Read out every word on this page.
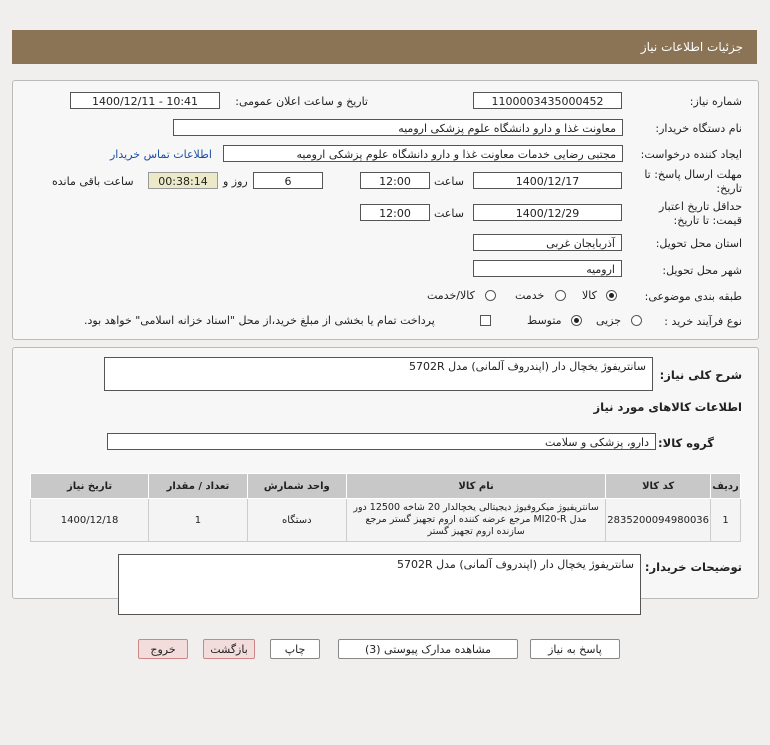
جزئیات اطلاعات نیاز
شماره نیاز:
1100003435000452
تاریخ و ساعت اعلان عمومی:
1400/12/11 - 10:41
نام دستگاه خریدار:
معاونت غذا و دارو دانشگاه علوم پزشکی ارومیه
ایجاد کننده درخواست:
مجتبی رضایی خدمات معاونت غذا و دارو دانشگاه علوم پزشکی ارومیه
اطلاعات تماس خریدار
مهلت ارسال پاسخ: تا تاریخ:
1400/12/17
ساعت
12:00
6
روز و
00:38:14
ساعت باقی مانده
حداقل تاریخ اعتبار قیمت: تا تاریخ:
1400/12/29
ساعت
12:00
استان محل تحویل:
آذربایجان غربی
شهر محل تحویل:
ارومیه
طبقه بندی موضوعی:
کالا
خدمت
کالا/خدمت
نوع فرآیند خرید :
جزیی
متوسط
پرداخت تمام یا بخشی از مبلغ خرید،از محل "اسناد خزانه اسلامی" خواهد بود.
شرح کلی نیاز:
سانتریفوژ یخچال دار (اپندروف آلمانی) مدل 5702R
اطلاعات کالاهای مورد نیاز
گروه کالا:
دارو، پزشکی و سلامت
ردیف	کد کالا	نام کالا	واحد شمارش	تعداد / مقدار	تاریخ نیاز
1	2835200094980036	سانتریفیوژ میکروفیوژ دیجیتالی یخچالدار 20 شاخه 12500 دور مدل MI20-R مرجع عرضه کننده اروم تجهیز گستر مرجع سازنده اروم تجهیز گستر	دستگاه	1	1400/12/18
توضیحات خریدار:
سانتریفوژ یخچال دار (اپندروف آلمانی) مدل 5702R
پاسخ به نیاز
مشاهده مدارک پیوستی (3)
چاپ
بازگشت
خروج
